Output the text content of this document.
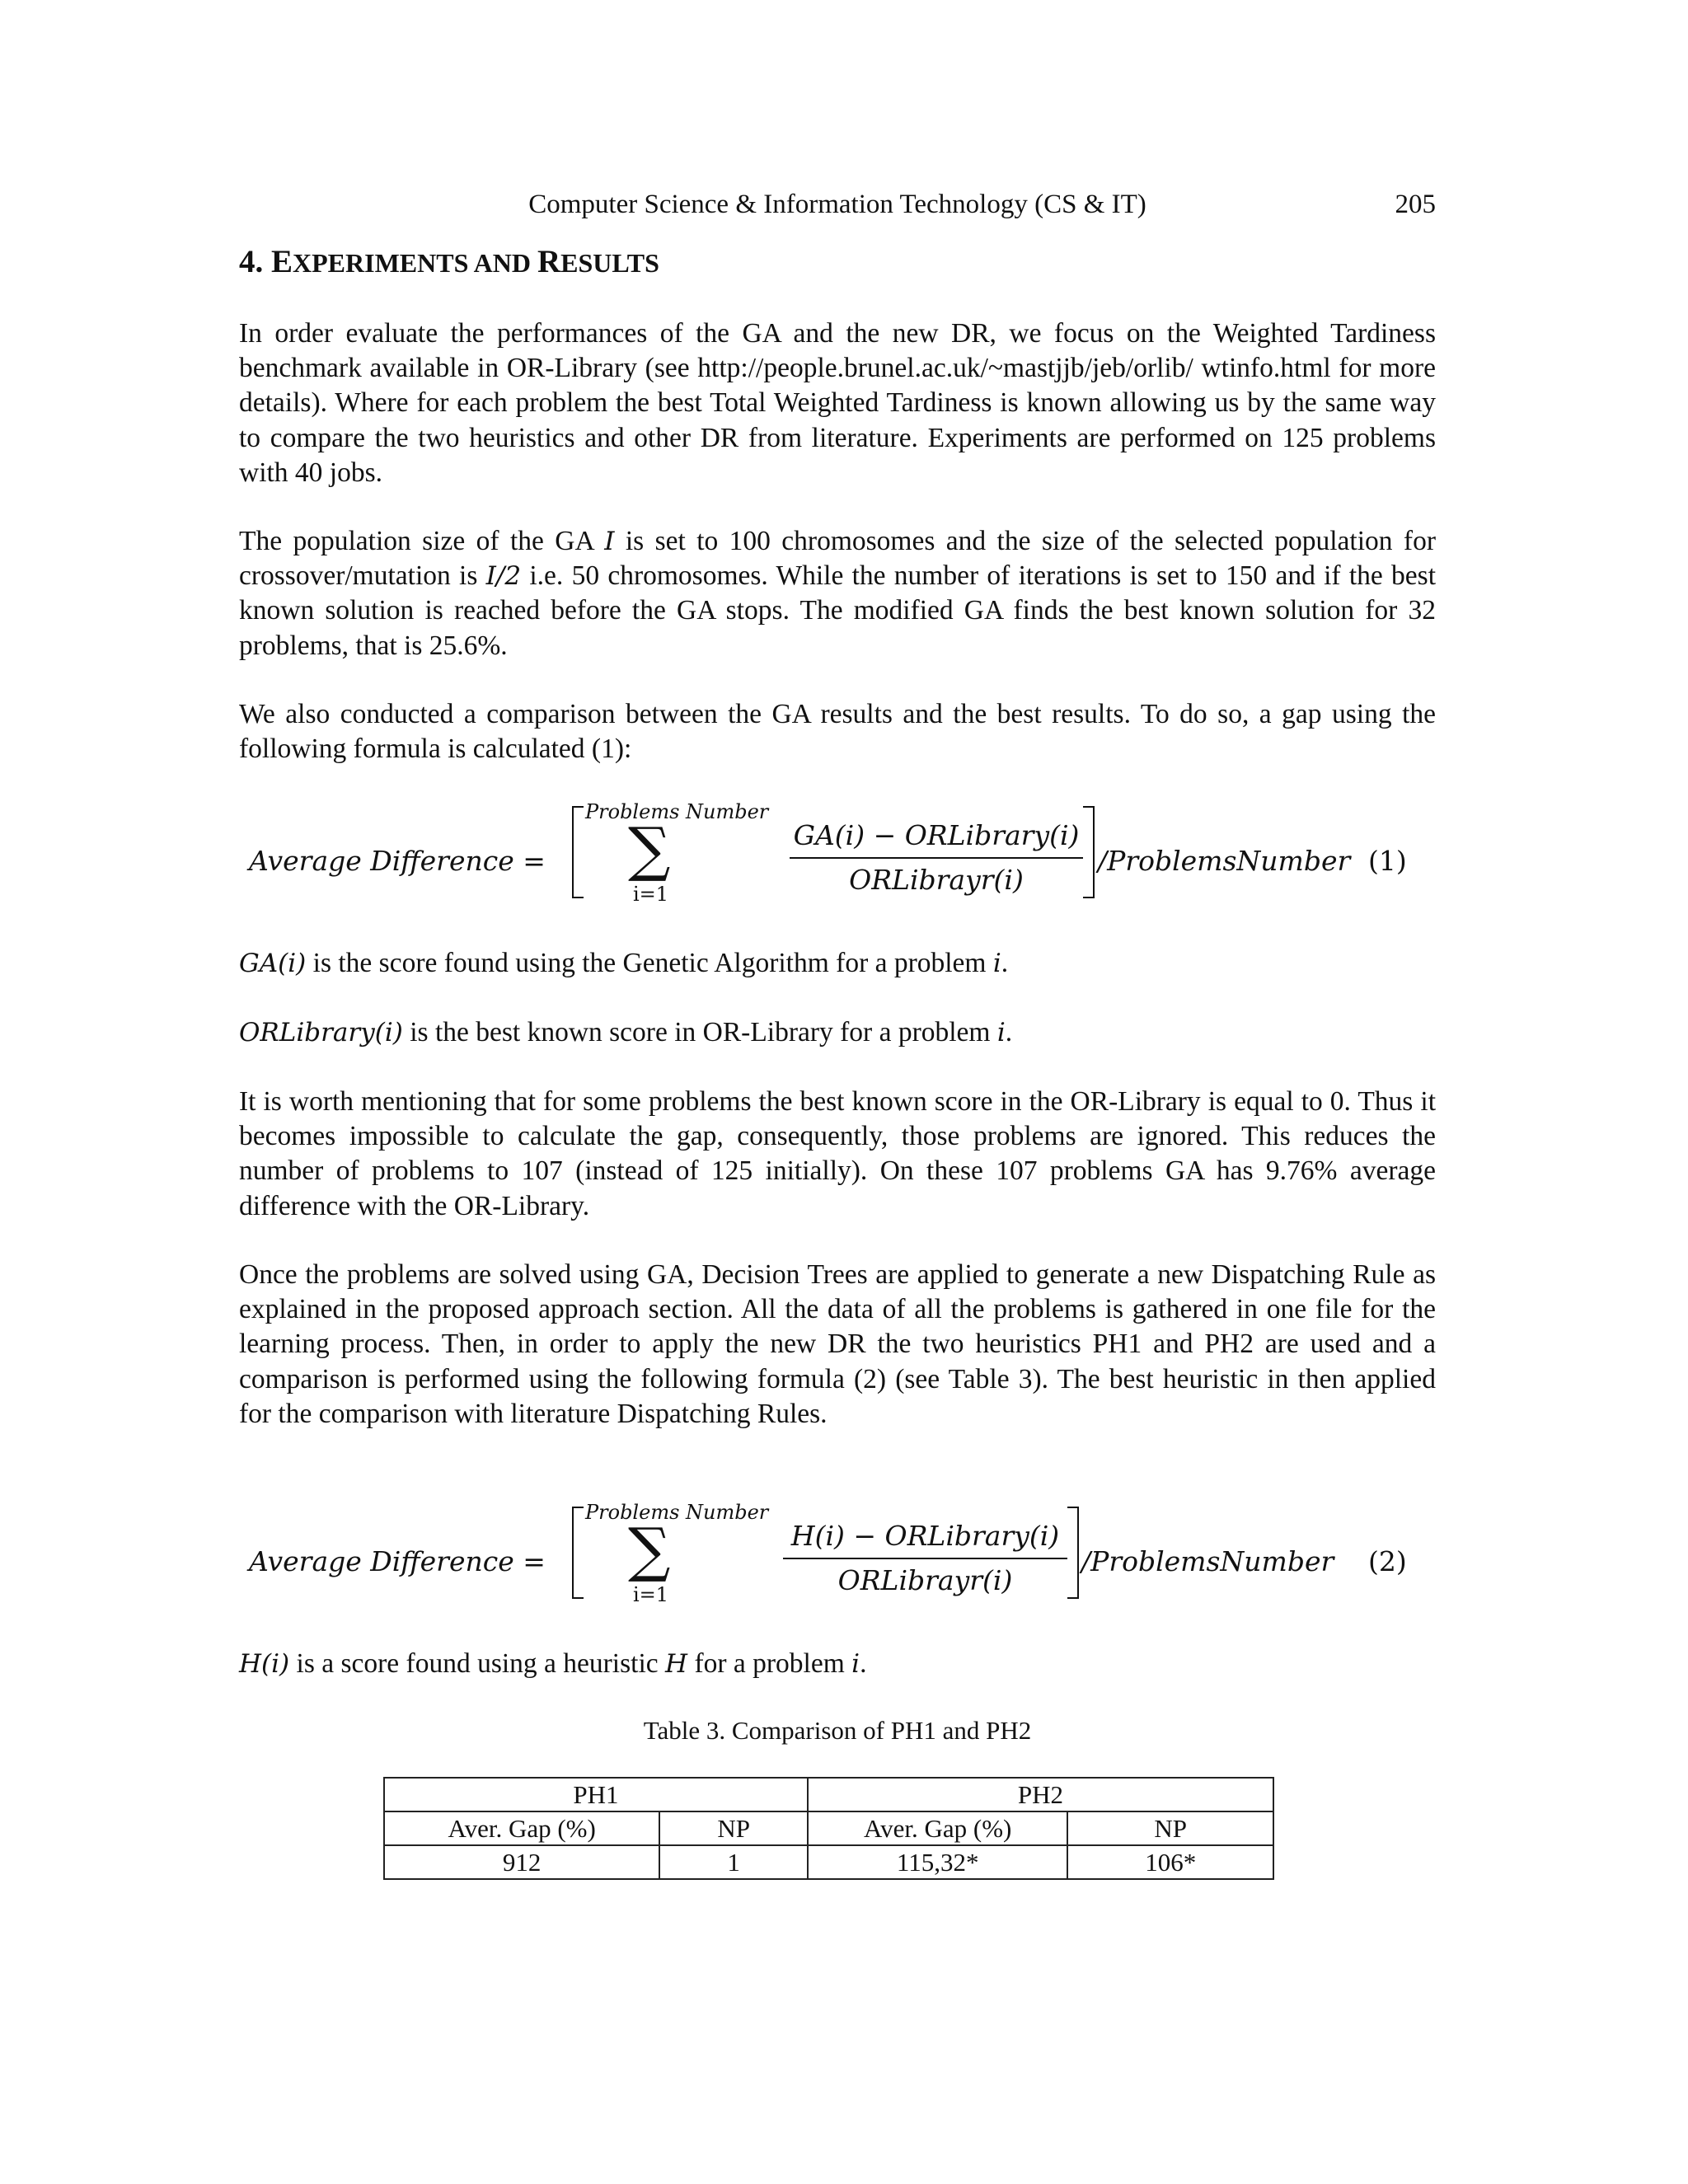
Computer Science & Information Technology (CS & IT)	205
4. EXPERIMENTS AND RESULTS

In order evaluate the performances of the GA and the new DR, we focus on the Weighted Tardiness benchmark available in OR-Library (see http://people.brunel.ac.uk/~mastjjb/jeb/orlib/ wtinfo.html for more details). Where for each problem the best Total Weighted Tardiness is known allowing us by the same way to compare the two heuristics and other DR from literature. Experiments are performed on 125 problems with 40 jobs.

The population size of the GA I is set to 100 chromosomes and the size of the selected population for crossover/mutation is I/2 i.e. 50 chromosomes. While the number of iterations is set to 150 and if the best known solution is reached before the GA stops. The modified GA finds the best known solution for 32 problems, that is 25.6%.

We also conducted a comparison between the GA results and the best results. To do so, a gap using the following formula is calculated (1):

Average Difference =
Problems Number
∑
i=1
GA(i) − ORLibrary(i)
ORLibrayr(i)
/ProblemsNumber (1)

GA(i) is the score found using the Genetic Algorithm for a problem i.

ORLibrary(i) is the best known score in OR-Library for a problem i.

It is worth mentioning that for some problems the best known score in the OR-Library is equal to 0. Thus it becomes impossible to calculate the gap, consequently, those problems are ignored. This reduces the number of problems to 107 (instead of 125 initially). On these 107 problems GA has 9.76% average difference with the OR-Library.

Once the problems are solved using GA, Decision Trees are applied to generate a new Dispatching Rule as explained in the proposed approach section. All the data of all the problems is gathered in one file for the learning process. Then, in order to apply the new DR the two heuristics PH1 and PH2 are used and a comparison is performed using the following formula (2) (see Table 3). The best heuristic in then applied for the comparison with literature Dispatching Rules.

Average Difference =
Problems Number
∑
i=1
H(i) − ORLibrary(i)
ORLibrayr(i)
/ProblemsNumber (2)

H(i) is a score found using a heuristic H for a problem i.

Table 3. Comparison of PH1 and PH2

PH1		PH2	
Aver. Gap (%)	NP	Aver. Gap (%)	NP
912	1	115,32*	106*
